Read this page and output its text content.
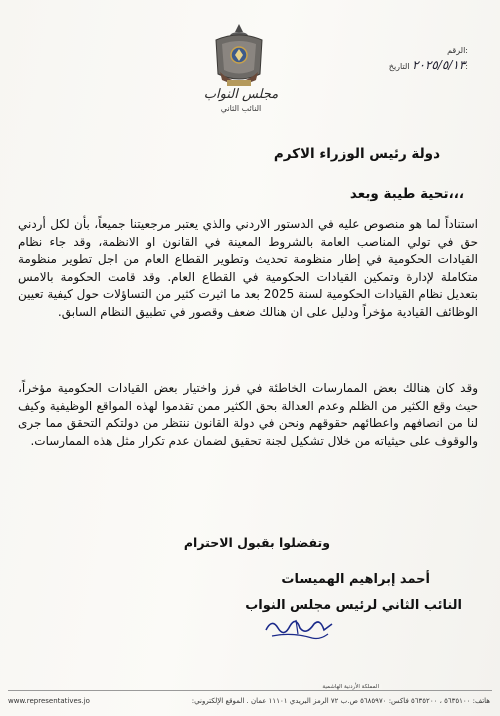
مجلس النواب
النائب الثاني
الرقم:
٢٠٢٥/٥/١٣ التاريخ:
دولة رئيس الوزراء الاكرم
تحية طيبة وبعد،،،
استناداً لما هو منصوص عليه في الدستور الاردني والذي يعتبر مرجعيتنا جميعاً، بأن لكل أردني حق في تولي المناصب العامة بالشروط المعينة في القانون او الانظمة، وقد جاء نظام القيادات الحكومية في إطار منظومة تحديث وتطوير القطاع العام من اجل تطوير منظومة متكاملة لإدارة وتمكين القيادات الحكومية في القطاع العام. وقد قامت الحكومة بالامس بتعديل نظام القيادات الحكومية لسنة 2025 بعد ما اثيرت كثير من التساؤلات حول كيفية تعيين الوظائف القيادية مؤخراً ودليل على ان هنالك ضعف وقصور في تطبيق النظام السابق.
وقد كان هنالك بعض الممارسات الخاطئة في فرز واختيار بعض القيادات الحكومية مؤخراً، حيث وقع الكثير من الظلم وعدم العدالة بحق الكثير ممن تقدموا لهذه المواقع الوظيفية وكيف لنا من انصافهم واعطائهم حقوقهم ونحن في دولة القانون ننتظر من دولتكم التحقق مما جرى والوقوف على حيثياته من خلال تشكيل لجنة تحقيق لضمان عدم تكرار مثل هذه الممارسات.
وتفضلوا بقبول الاحترام
أحمد إبراهيم الهميسات
النائب الثاني لرئيس مجلس النواب
المملكة الأردنية الهاشمية
هاتف: ٥٦٣٥١٠٠ ، ٥٦٣٥٢٠٠ فاكس: ٥٦٨٥٩٧٠ ص.ب ٧٢ الرمز البريدي ١١١٠١ عمان . الموقع الإلكتروني:
www.representatives.jo
